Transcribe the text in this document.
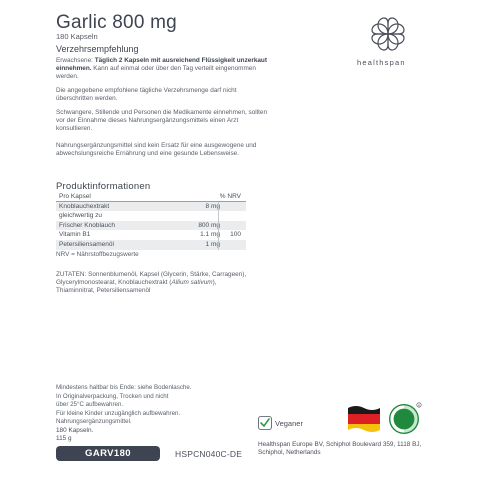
Garlic 800 mg
180 Kapseln
healthspan
Verzehrsempfehlung
Erwachsene: Täglich 2 Kapseln mit ausreichend Flüssigkeit unzerkaut einnehmen. Kann auf einmal oder über den Tag verteilt eingenommen werden.
Die angegebene empfohlene tägliche Verzehrsmenge darf nicht überschritten werden.
Schwangere, Stillende und Personen die Medikamente einnehmen, sollten vor der Einnahme dieses Nahrungsergänzungsmittels einen Arzt konsultieren.
Nahrungsergänzungsmittel sind kein Ersatz für eine ausgewogene und abwechslungsreiche Ernährung und eine gesunde Lebensweise.
Produktinformationen
Pro Kapsel	% NRV
Knoblauchextrakt	8 mg
gleichwertig zu
Frischer Knoblauch	800 mg
Vitamin B1	1.1 mg 100
Petersiliensamenöl	1 mg
NRV = Nährstoffbezugswerte
ZUTATEN: Sonnenblumenöl, Kapsel (Glycerin, Stärke, Carrageen), Glycerylmonostearat, Knoblauchextrakt (Allium sativum), Thiaminnitrat, Petersiliensamenöl
Mindestens haltbar bis Ende: siehe Bodenlasche.
In Originalverpackung, Trocken und nicht über 25°C aufbewahren.
Für kleine Kinder unzugänglich aufbewahren.
Nahrungsergänzungsmittel.
180 Kapseln.
GARV180	HSPCN040C-DE
Veganer
R
Healthspan Europe BV, Schiphol Boulevard 359, 1118 BJ, Schiphol, Netherlands
115 g
